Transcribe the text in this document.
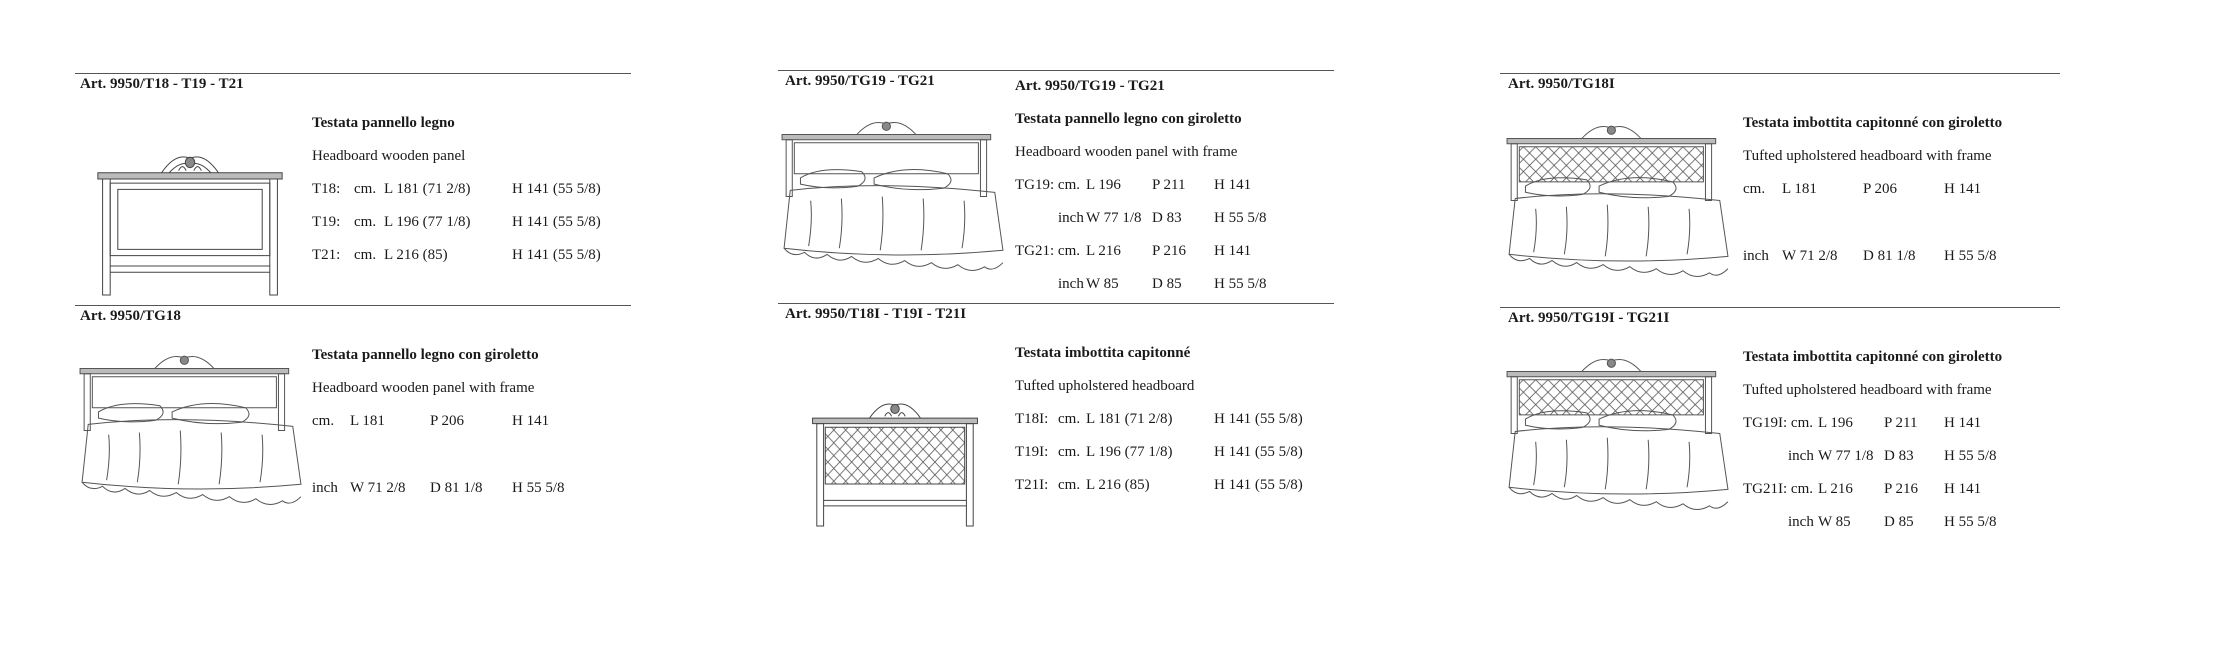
Art. 9950/T18 - T19 - T21
Testata pannello legno
Headboard wooden panel
T18: cm. L 181 (71 2/8)	H 141 (55 5/8)
T19: cm. L 196 (77 1/8)	H 141 (55 5/8)
T21: cm. L 216 (85)	H 141 (55 5/8)
Art. 9950/TG18
Testata pannello legno con giroletto
Headboard wooden panel with frame
cm. L 181	P 206	H 141
inch W 71 2/8 D 81 1/8 H 55 5/8
Art. 9950/TG19 - TG21	Art. 9950/TG19 - TG21
Testata pannello legno con giroletto
Headboard wooden panel with frame
TG19: cm. L 196 P 211 H 141
inch W 77 1/8 D 83 H 55 5/8
TG21: cm. L 216 P 216 H 141
inch W 85 D 85 H 55 5/8
Art. 9950/T18I - T19I - T21I
Testata imbottita capitonné
Tufted upholstered headboard
T18I: cm. L 181 (71 2/8)	H 141 (55 5/8)
T19I: cm. L 196 (77 1/8)	H 141 (55 5/8)
T21I: cm. L 216 (85)	H 141 (55 5/8)
Art. 9950/TG18I
Testata imbottita capitonné con giroletto
Tufted upholstered headboard with frame
cm. L 181	P 206	H 141
inch W 71 2/8 D 81 1/8 H 55 5/8
Art. 9950/TG19I - TG21I
Testata imbottita capitonné con giroletto
Tufted upholstered headboard with frame
TG19I: cm. L 196 P 211 H 141
inch W 77 1/8 D 83 H 55 5/8
TG21I: cm. L 216 P 216 H 141
inch W 85 D 85 H 55 5/8
